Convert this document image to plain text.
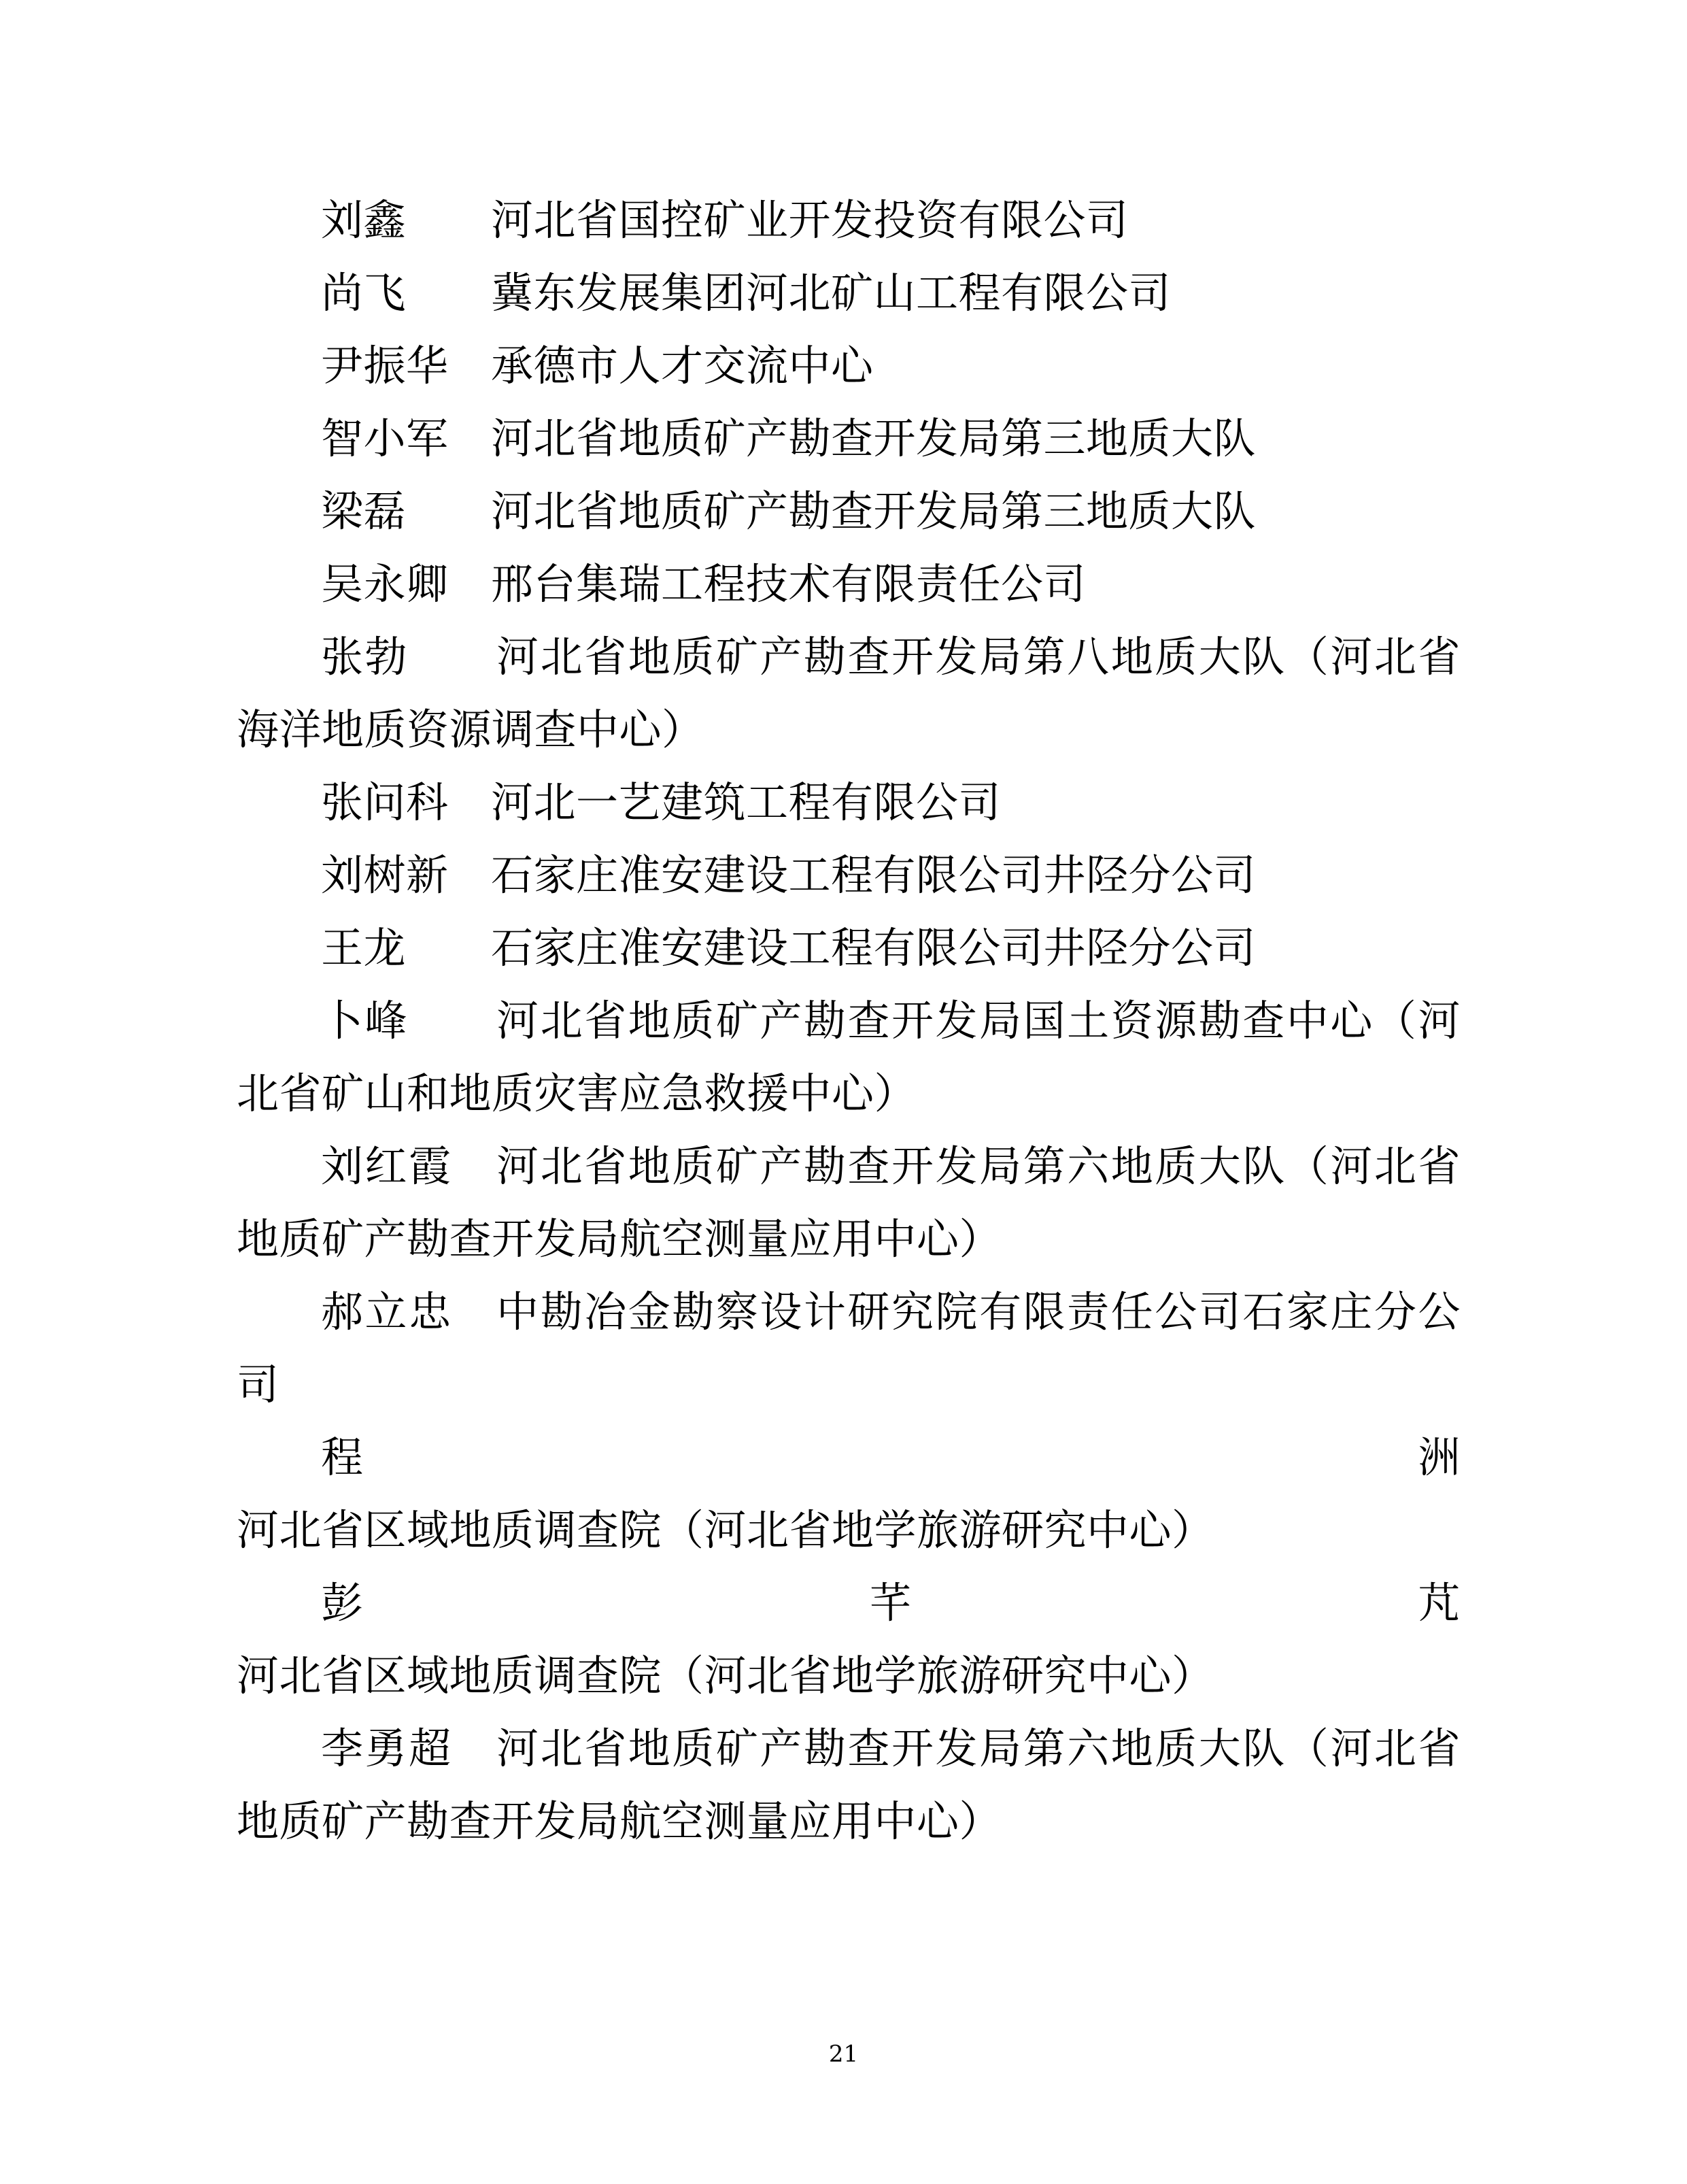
刘鑫　　 河北省国控矿业开发投资有限公司
尚飞　　 冀东发展集团河北矿山工程有限公司
尹振华　 承德市人才交流中心
智小军　 河北省地质矿产勘查开发局第三地质大队
梁磊　　 河北省地质矿产勘查开发局第三地质大队
吴永卿　 邢台集瑞工程技术有限责任公司
张勃　　 河北省地质矿产勘查开发局第八地质大队（河北省海洋地质资源调查中心）
张问科　 河北一艺建筑工程有限公司
刘树新　 石家庄准安建设工程有限公司井陉分公司
王龙　　 石家庄准安建设工程有限公司井陉分公司
卜峰　　 河北省地质矿产勘查开发局国土资源勘查中心（河北省矿山和地质灾害应急救援中心）
刘红霞　 河北省地质矿产勘查开发局第六地质大队（河北省地质矿产勘查开发局航空测量应用中心）
郝立忠　 中勘冶金勘察设计研究院有限责任公司石家庄分公司
程洲　　河北省区域地质调查院（河北省地学旅游研究中心）
彭芊芃　河北省区域地质调查院（河北省地学旅游研究中心）
李勇超　 河北省地质矿产勘查开发局第六地质大队（河北省地质矿产勘查开发局航空测量应用中心）
21
